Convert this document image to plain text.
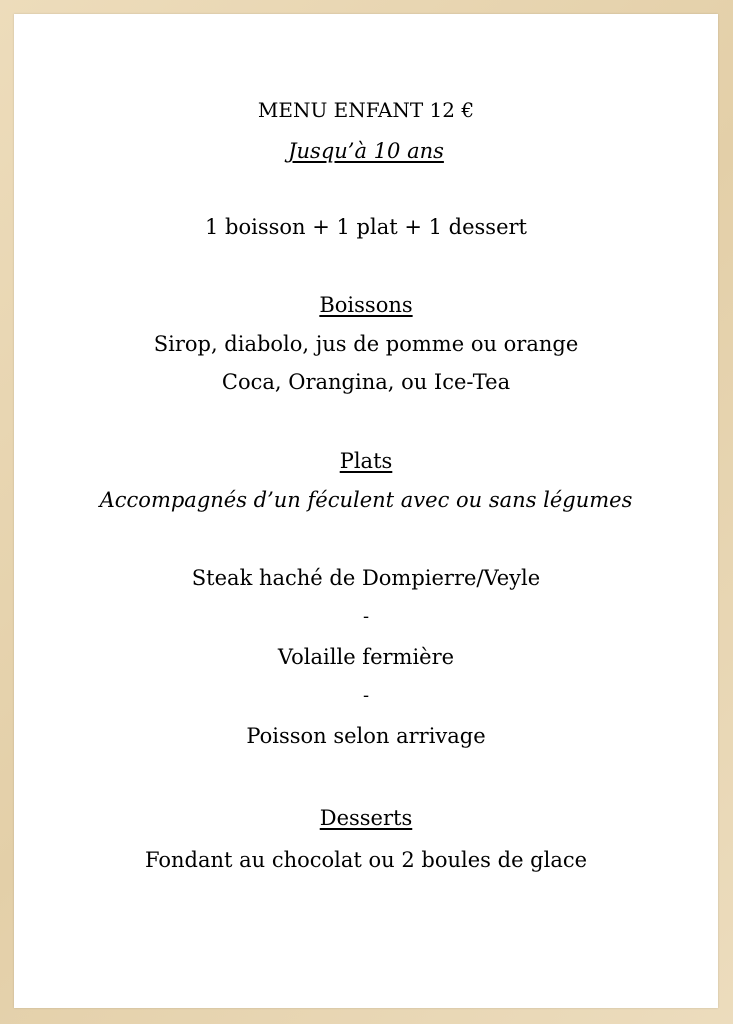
MENU ENFANT 12 €
Jusqu’à 10 ans
1 boisson + 1 plat + 1 dessert
Boissons
Sirop, diabolo, jus de pomme ou orange
Coca, Orangina, ou Ice-Tea
Plats
Accompagnés d’un féculent avec ou sans légumes
Steak haché de Dompierre/Veyle
-
Volaille fermière
-
Poisson selon arrivage
Desserts
Fondant au chocolat ou 2 boules de glace
